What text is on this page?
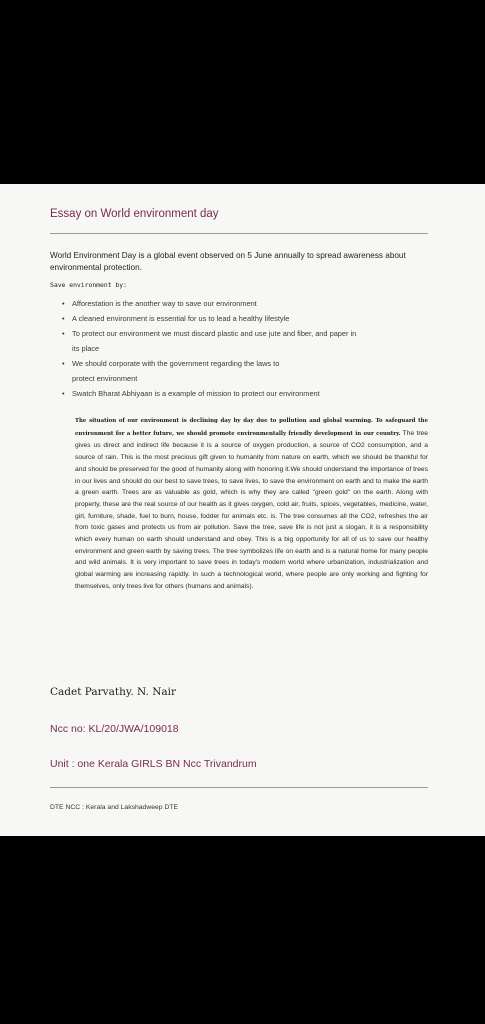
Essay on World environment day
World Environment Day is a global event observed on 5 June annually to spread awareness about environmental protection.
Save environment by:
• Afforestation is the another way to save our environment
• A cleaned environment is essential for us to lead a healthy lifestyle
• To protect our environment we must discard plastic and use jute and fiber, and paper in
its place
• We should corporate with the government regarding the laws to
protect environment
• Swatch Bharat Abhiyaan is a example of mission to protect our environment

The situation of our environment is declining day by day due to pollution and global warming. To safeguard the environment for a better future, we should promote environmentally friendly development in our country. The tree gives us direct and indirect life because it is a source of oxygen production, a source of CO2 consumption, and a source of rain. This is the most precious gift given to humanity from nature on earth, which we should be thankful for and should be preserved for the good of humanity along with honoring it.We should understand the importance of trees in our lives and should do our best to save trees, to save lives, to save the environment on earth and to make the earth a green earth. Trees are as valuable as gold, which is why they are called "green gold" on the earth. Along with property, these are the real source of our health as it gives oxygen, cold air, fruits, spices, vegetables, medicine, water, girl, furniture, shade, fuel to burn, house, fodder for animals etc. is. The tree consumes all the CO2, refreshes the air from toxic gases and protects us from air pollution. Save the tree, save life is not just a slogan, it is a responsibility which every human on earth should understand and obey. This is a big opportunity for all of us to save our healthy environment and green earth by saving trees. The tree symbolizes life on earth and is a natural home for many people and wild animals. It is very important to save trees in today's modern world where urbanization, industrialization and global warming are increasing rapidly. In such a technological world, where people are only working and fighting for themselves, only trees live for others (humans and animals).

Cadet Parvathy. N. Nair
Ncc no: KL/20/JWA/109018
Unit : one Kerala GIRLS BN Ncc Trivandrum
DTE NCC : Kerala and Lakshadweep DTE
